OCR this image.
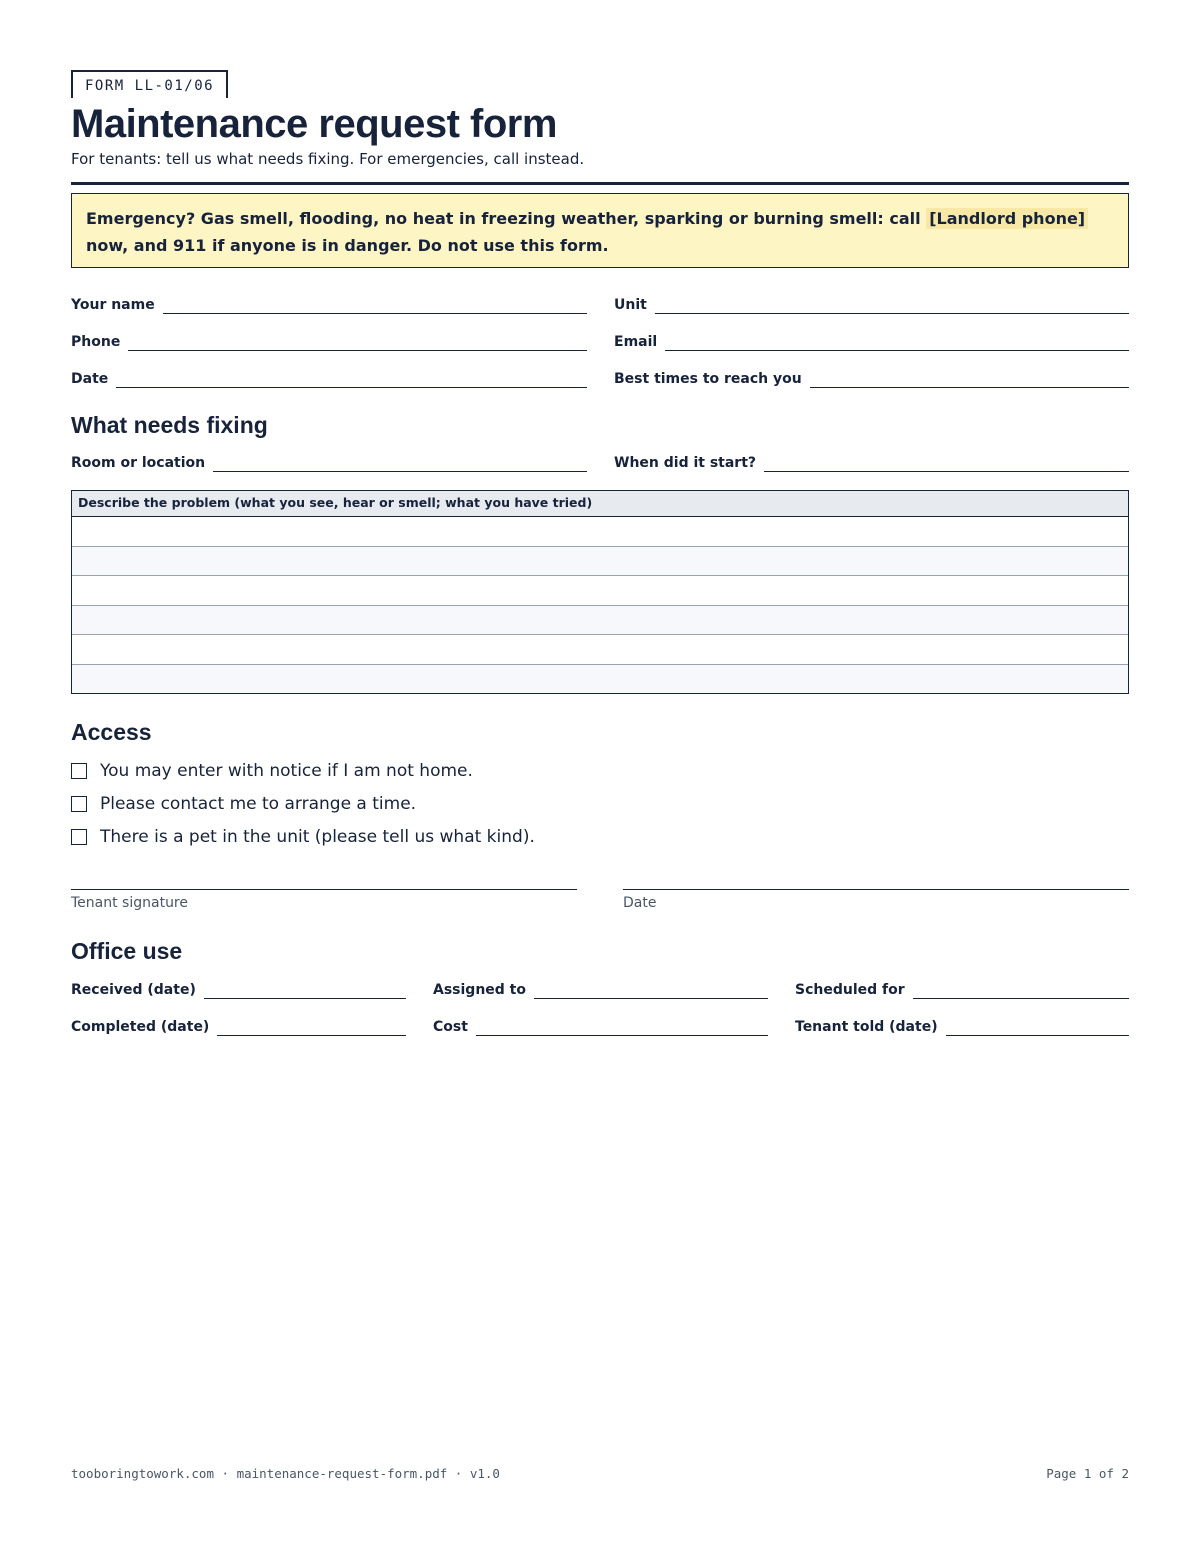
FORM LL-01/06
Maintenance request form

For tenants: tell us what needs fixing. For emergencies, call instead.

Emergency? Gas smell, flooding, no heat in freezing weather, sparking or burning smell: call [Landlord phone] now, and 911 if anyone is in danger. Do not use this form.
Your name	Unit
Phone	Email
Date	Best times to reach you
What needs fixing
Room or location	When did it start?
Describe the problem (what you see, hear or smell; what you have tried)
Access
You may enter with notice if I am not home.
Please contact me to arrange a time.
There is a pet in the unit (please tell us what kind).
Tenant signature	Date
Office use
Received (date)	Assigned to	Scheduled for
Completed (date)	Cost	Tenant told (date)
tooboringtowork.com · maintenance-request-form.pdf · v1.0	Page 1 of 2
